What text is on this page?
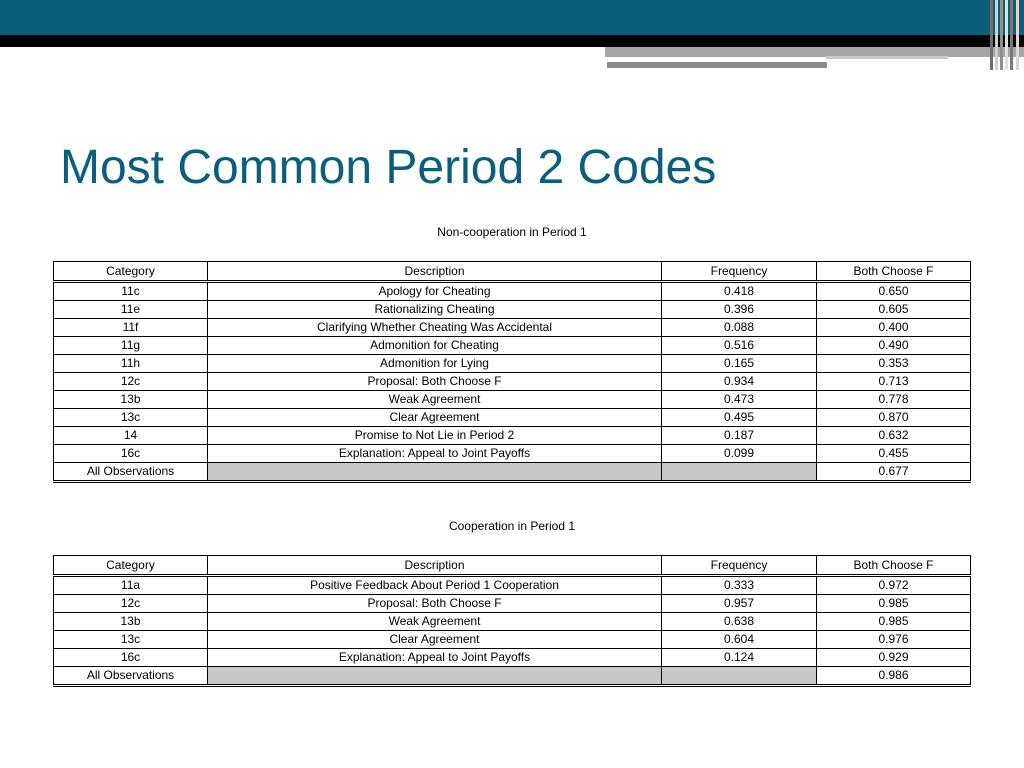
Most Common Period 2 Codes
Non-cooperation in Period 1
Category	Description	Frequency	Both Choose F
11c	Apology for Cheating	0.418	0.650
11e	Rationalizing Cheating	0.396	0.605
11f	Clarifying Whether Cheating Was Accidental	0.088	0.400
11g	Admonition for Cheating	0.516	0.490
11h	Admonition for Lying	0.165	0.353
12c	Proposal: Both Choose F	0.934	0.713
13b	Weak Agreement	0.473	0.778
13c	Clear Agreement	0.495	0.870
14	Promise to Not Lie in Period 2	0.187	0.632
16c	Explanation: Appeal to Joint Payoffs	0.099	0.455
All Observations			0.677
Cooperation in Period 1
Category	Description	Frequency	Both Choose F
11a	Positive Feedback About Period 1 Cooperation	0.333	0.972
12c	Proposal: Both Choose F	0.957	0.985
13b	Weak Agreement	0.638	0.985
13c	Clear Agreement	0.604	0.976
16c	Explanation: Appeal to Joint Payoffs	0.124	0.929
All Observations			0.986
